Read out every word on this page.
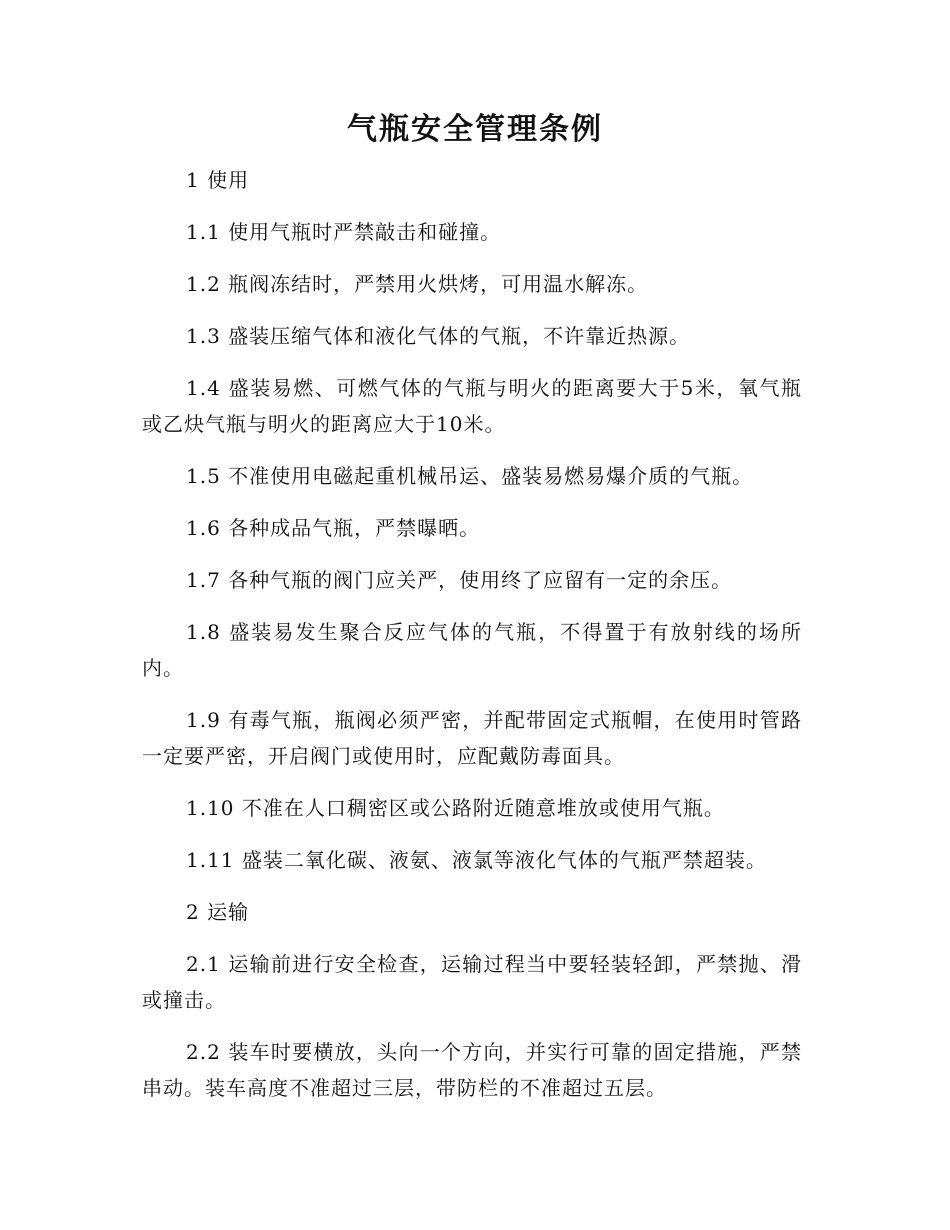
气瓶安全管理条例

1 使用

1.1 使用气瓶时严禁敲击和碰撞。

1.2 瓶阀冻结时，严禁用火烘烤，可用温水解冻。

1.3 盛装压缩气体和液化气体的气瓶，不许靠近热源。

1.4 盛装易燃、可燃气体的气瓶与明火的距离要大于5米，氧气瓶或乙炔气瓶与明火的距离应大于10米。

1.5 不准使用电磁起重机械吊运、盛装易燃易爆介质的气瓶。

1.6 各种成品气瓶，严禁曝晒。

1.7 各种气瓶的阀门应关严，使用终了应留有一定的余压。

1.8 盛装易发生聚合反应气体的气瓶，不得置于有放射线的场所内。

1.9 有毒气瓶，瓶阀必须严密，并配带固定式瓶帽，在使用时管路一定要严密，开启阀门或使用时，应配戴防毒面具。

1.10 不准在人口稠密区或公路附近随意堆放或使用气瓶。

1.11 盛装二氧化碳、液氨、液氯等液化气体的气瓶严禁超装。

2 运输

2.1 运输前进行安全检查，运输过程当中要轻装轻卸，严禁抛、滑或撞击。

2.2 装车时要横放，头向一个方向，并实行可靠的固定措施，严禁串动。装车高度不准超过三层，带防栏的不准超过五层。
